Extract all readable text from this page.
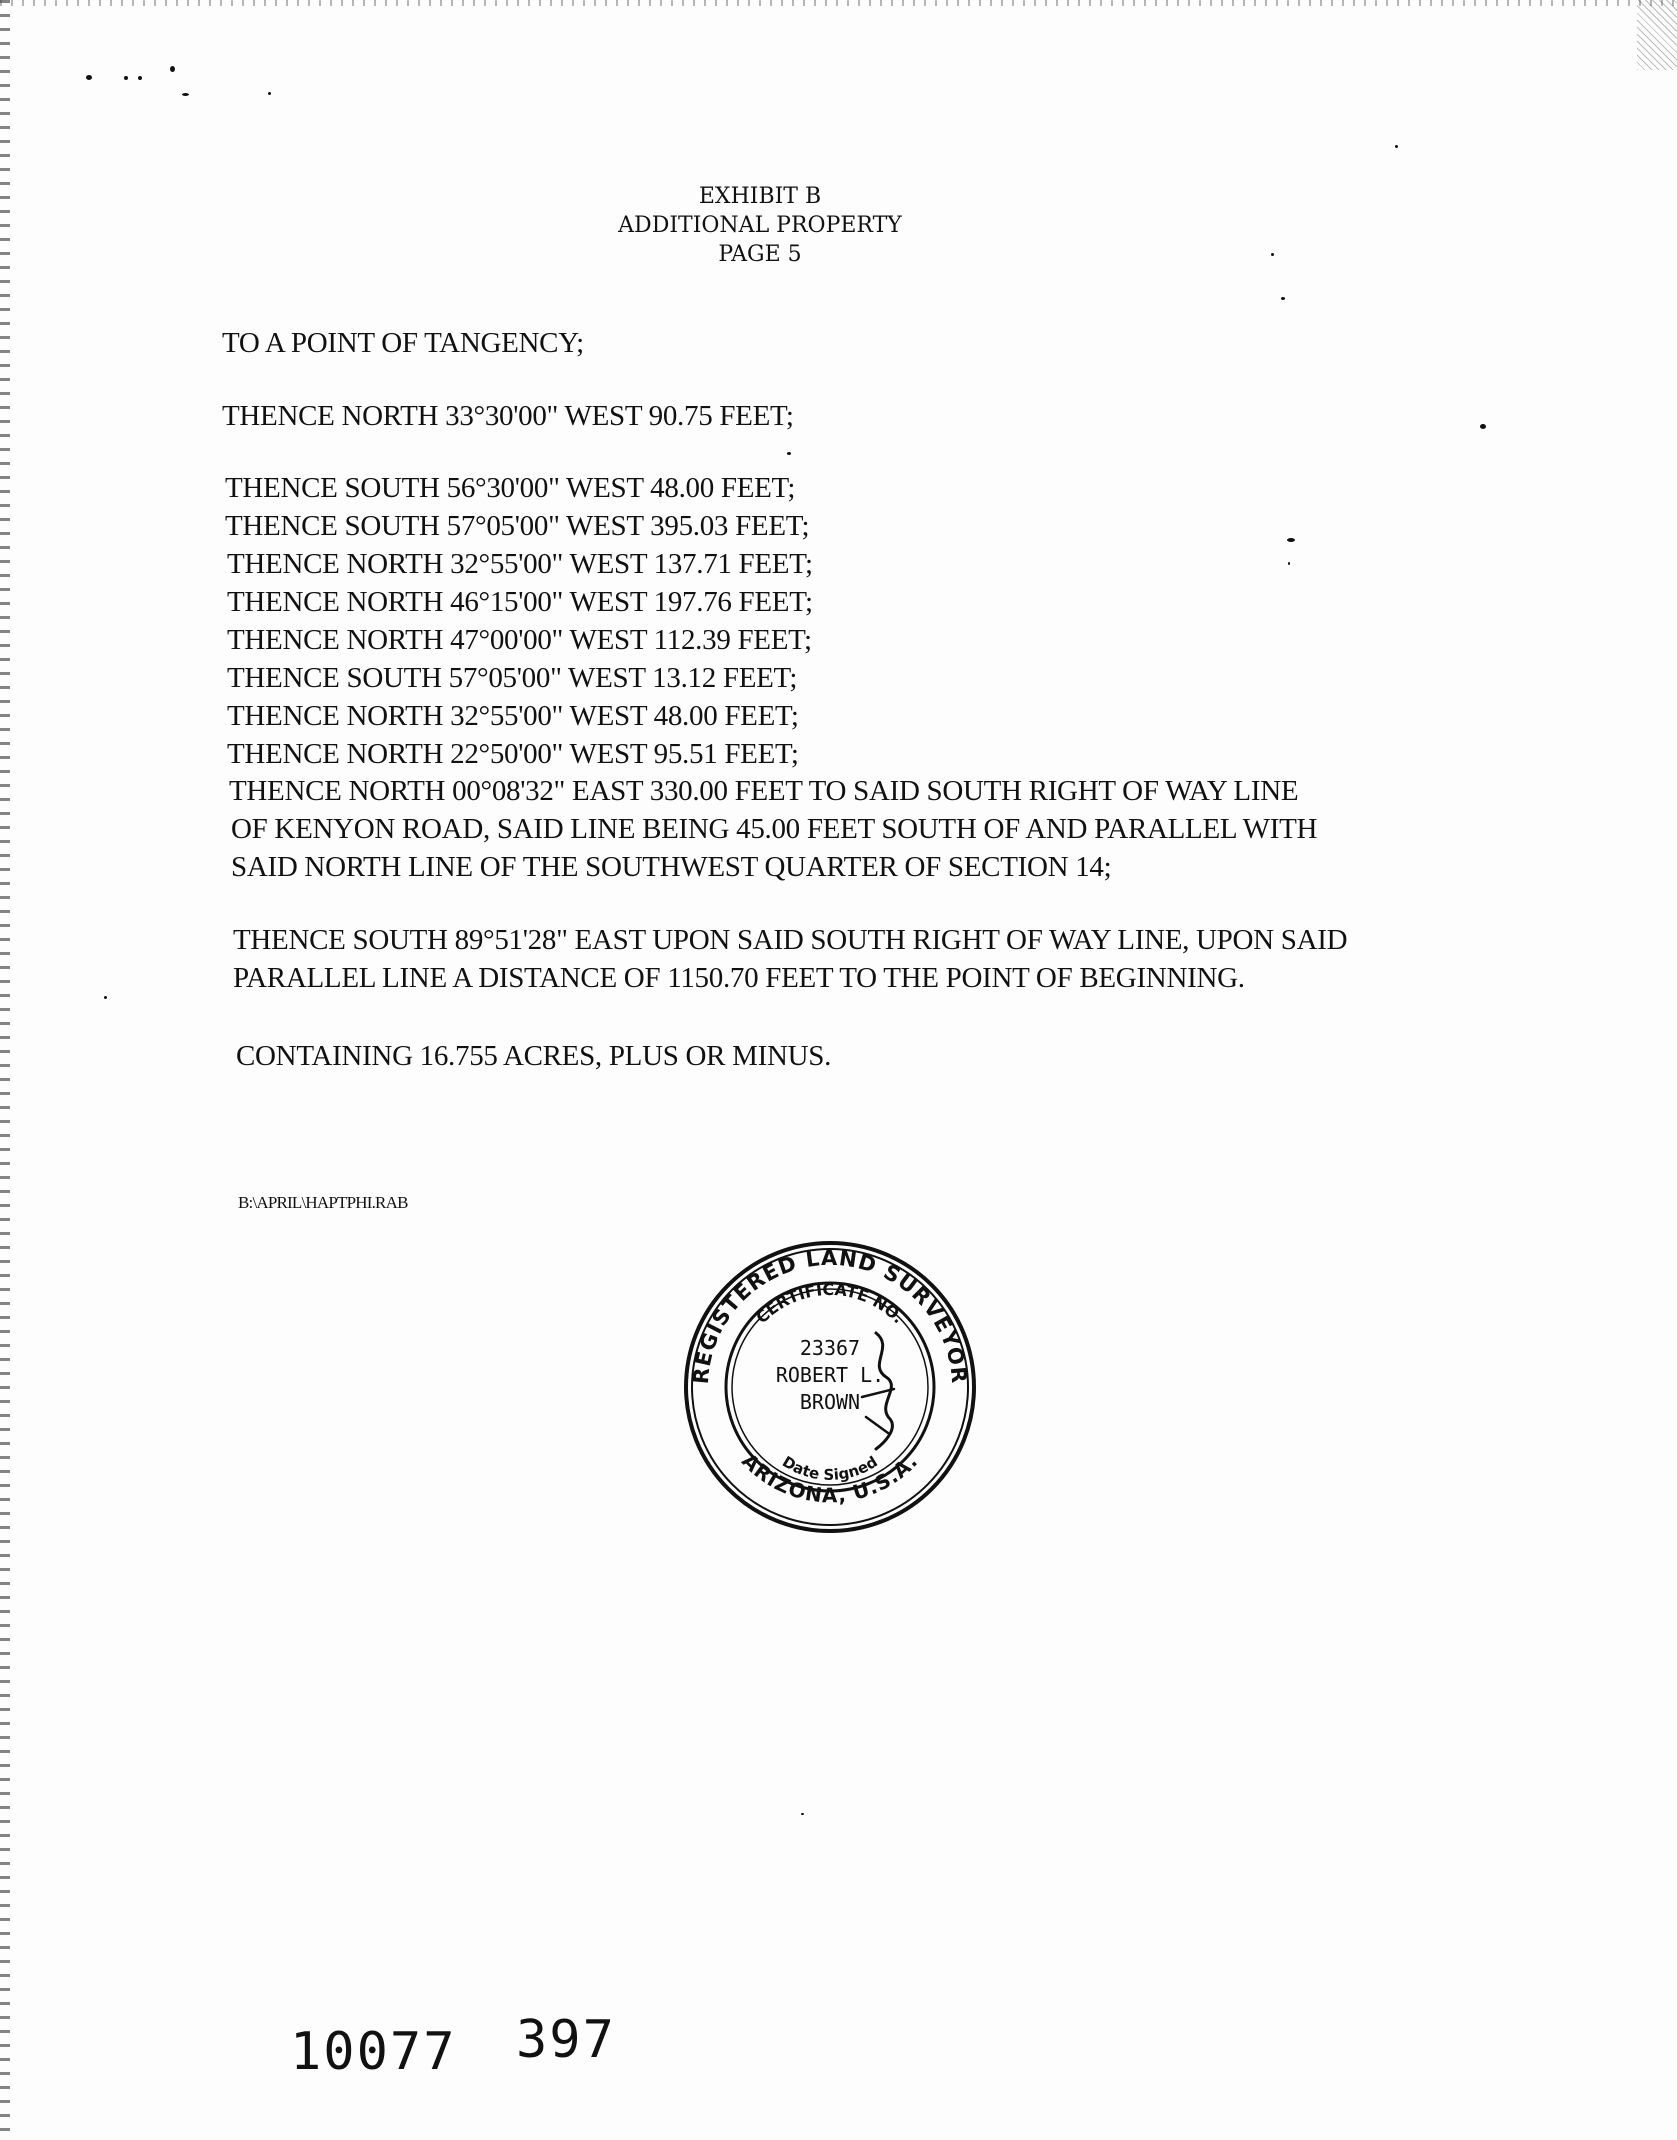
EXHIBIT B
ADDITIONAL PROPERTY
PAGE 5
TO A POINT OF TANGENCY;
THENCE NORTH 33°30'00" WEST 90.75 FEET;
THENCE SOUTH 56°30'00" WEST 48.00 FEET;
THENCE SOUTH 57°05'00" WEST 395.03 FEET;
THENCE NORTH 32°55'00" WEST 137.71 FEET;
THENCE NORTH 46°15'00" WEST 197.76 FEET;
THENCE NORTH 47°00'00" WEST 112.39 FEET;
THENCE SOUTH 57°05'00" WEST 13.12 FEET;
THENCE NORTH 32°55'00" WEST 48.00 FEET;
THENCE NORTH 22°50'00" WEST 95.51 FEET;
THENCE NORTH 00°08'32" EAST 330.00 FEET TO SAID SOUTH RIGHT OF WAY LINE
OF KENYON ROAD, SAID LINE BEING 45.00 FEET SOUTH OF AND PARALLEL WITH
SAID NORTH LINE OF THE SOUTHWEST QUARTER OF SECTION 14;
THENCE SOUTH 89°51'28" EAST UPON SAID SOUTH RIGHT OF WAY LINE, UPON SAID
PARALLEL LINE A DISTANCE OF 1150.70 FEET TO THE POINT OF BEGINNING.
CONTAINING 16.755 ACRES, PLUS OR MINUS.
B:\APRIL\HAPTPHI.RAB
REGISTERED LAND SURVEYOR
ARIZONA, U.S.A.
CERTIFICATE NO.
Date Signed
23367
ROBERT L.
BROWN
10077 397
